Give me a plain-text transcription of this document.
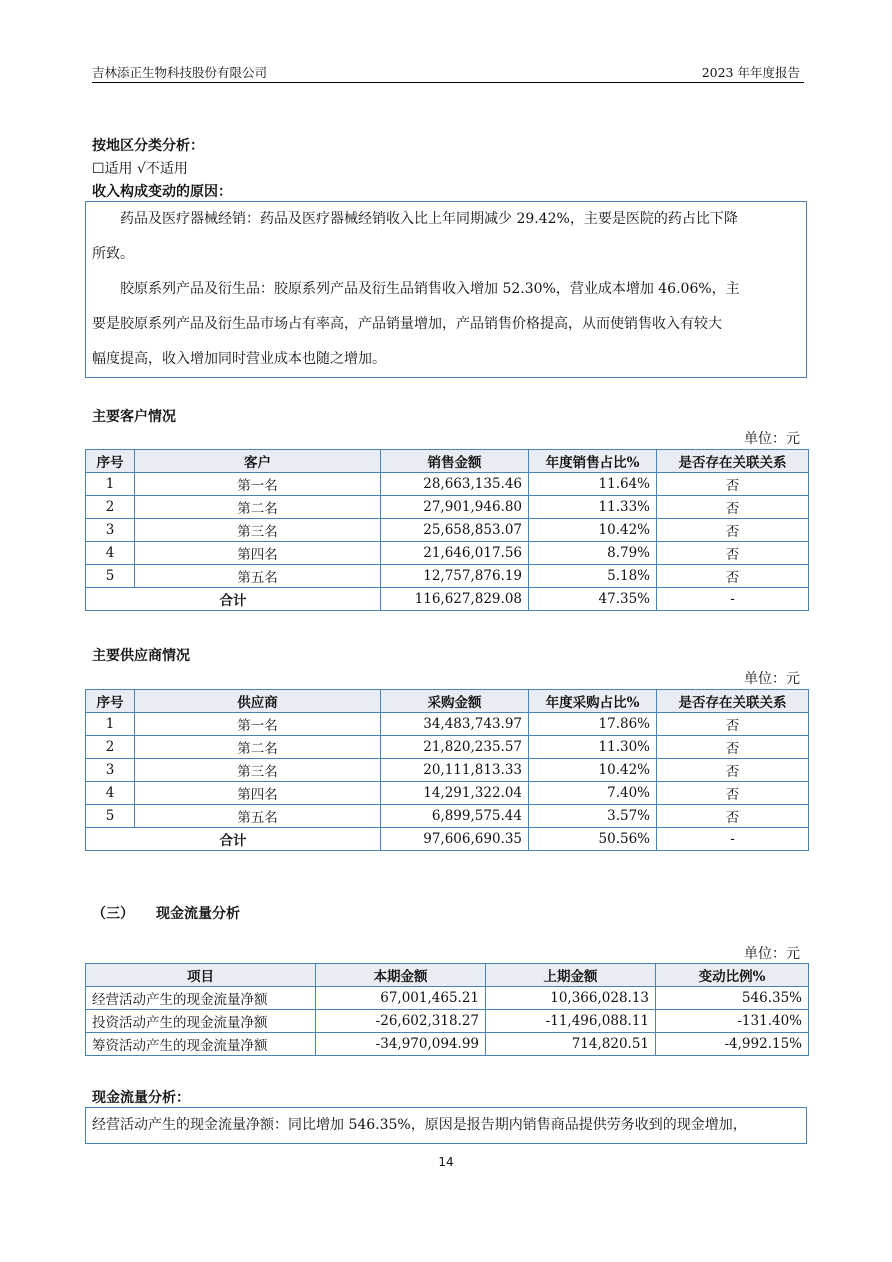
吉林添正生物科技股份有限公司	2023 年年度报告
按地区分类分析：
☐适用 √不适用
收入构成变动的原因：

药品及医疗器械经销：药品及医疗器械经销收入比上年同期减少 29.42%，主要是医院的药占比下降

所致。

胶原系列产品及衍生品：胶原系列产品及衍生品销售收入增加 52.30%，营业成本增加 46.06%，主

要是胶原系列产品及衍生品市场占有率高，产品销量增加，产品销售价格提高，从而使销售收入有较大

幅度提高，收入增加同时营业成本也随之增加。

主要客户情况
单位：元
序号	客户	销售金额	年度销售占比%	是否存在关联关系
1	第一名	28,663,135.46	11.64%	否
2	第二名	27,901,946.80	11.33%	否
3	第三名	25,658,853.07	10.42%	否
4	第四名	21,646,017.56	8.79%	否
5	第五名	12,757,876.19	5.18%	否
合计		116,627,829.08	47.35%	-
主要供应商情况
单位：元
序号	供应商	采购金额	年度采购占比%	是否存在关联关系
1	第一名	34,483,743.97	17.86%	否
2	第二名	21,820,235.57	11.30%	否
3	第三名	20,111,813.33	10.42%	否
4	第四名	14,291,322.04	7.40%	否
5	第五名	6,899,575.44	3.57%	否
合计		97,606,690.35	50.56%	-
（三） 现金流量分析
单位：元
项目	本期金额	上期金额	变动比例%
经营活动产生的现金流量净额	67,001,465.21	10,366,028.13	546.35%
投资活动产生的现金流量净额	-26,602,318.27	-11,496,088.11	-131.40%
筹资活动产生的现金流量净额	-34,970,094.99	714,820.51	-4,992.15%
现金流量分析：

经营活动产生的现金流量净额：同比增加 546.35%，原因是报告期内销售商品提供劳务收到的现金增加，

14
